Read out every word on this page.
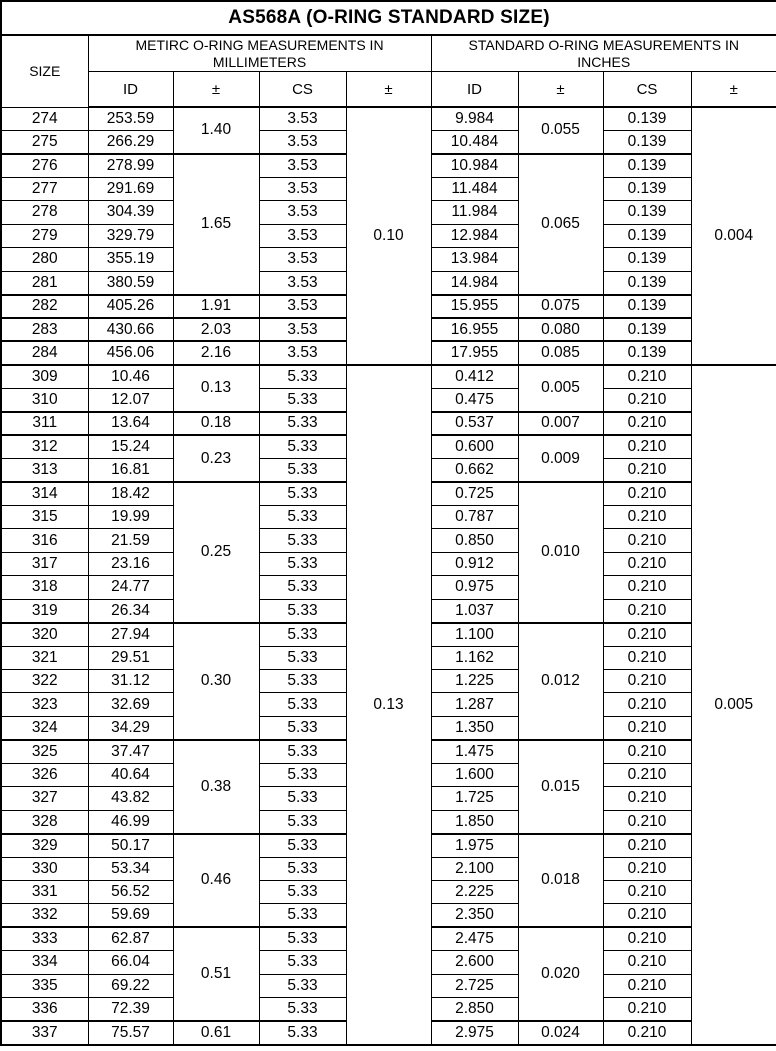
AS568A (O-RING STANDARD SIZE)								
SIZE	METIRC O-RING MEASUREMENTS IN
MILLIMETERS				STANDARD O-RING MEASUREMENTS IN
INCHES			

	ID	±	CS	±	ID	±	CS	±
274	253.59	1.40	3.53	0.10	9.984	0.055	0.139	0.004
275	266.29		3.53		10.484		0.139	
276	278.99	1.65	3.53		10.984	0.065	0.139	
277	291.69		3.53		11.484		0.139	
278	304.39		3.53		11.984		0.139	
279	329.79		3.53		12.984		0.139	
280	355.19		3.53		13.984		0.139	
281	380.59		3.53		14.984		0.139	
282	405.26	1.91	3.53		15.955	0.075	0.139	
283	430.66	2.03	3.53		16.955	0.080	0.139	
284	456.06	2.16	3.53		17.955	0.085	0.139	
309	10.46	0.13	5.33	0.13	0.412	0.005	0.210	0.005
310	12.07		5.33		0.475		0.210	
311	13.64	0.18	5.33		0.537	0.007	0.210	
312	15.24	0.23	5.33		0.600	0.009	0.210	
313	16.81		5.33		0.662		0.210	
314	18.42	0.25	5.33		0.725	0.010	0.210	
315	19.99		5.33		0.787		0.210	
316	21.59		5.33		0.850		0.210	
317	23.16		5.33		0.912		0.210	
318	24.77		5.33		0.975		0.210	
319	26.34		5.33		1.037		0.210	
320	27.94	0.30	5.33		1.100	0.012	0.210	
321	29.51		5.33		1.162		0.210	
322	31.12		5.33		1.225		0.210	
323	32.69		5.33		1.287		0.210	
324	34.29		5.33		1.350		0.210	
325	37.47	0.38	5.33		1.475	0.015	0.210	
326	40.64		5.33		1.600		0.210	
327	43.82		5.33		1.725		0.210	
328	46.99		5.33		1.850		0.210	
329	50.17	0.46	5.33		1.975	0.018	0.210	
330	53.34		5.33		2.100		0.210	
331	56.52		5.33		2.225		0.210	
332	59.69		5.33		2.350		0.210	
333	62.87	0.51	5.33		2.475	0.020	0.210	
334	66.04		5.33		2.600		0.210	
335	69.22		5.33		2.725		0.210	
336	72.39		5.33		2.850		0.210	
337	75.57	0.61	5.33		2.975	0.024	0.210	
